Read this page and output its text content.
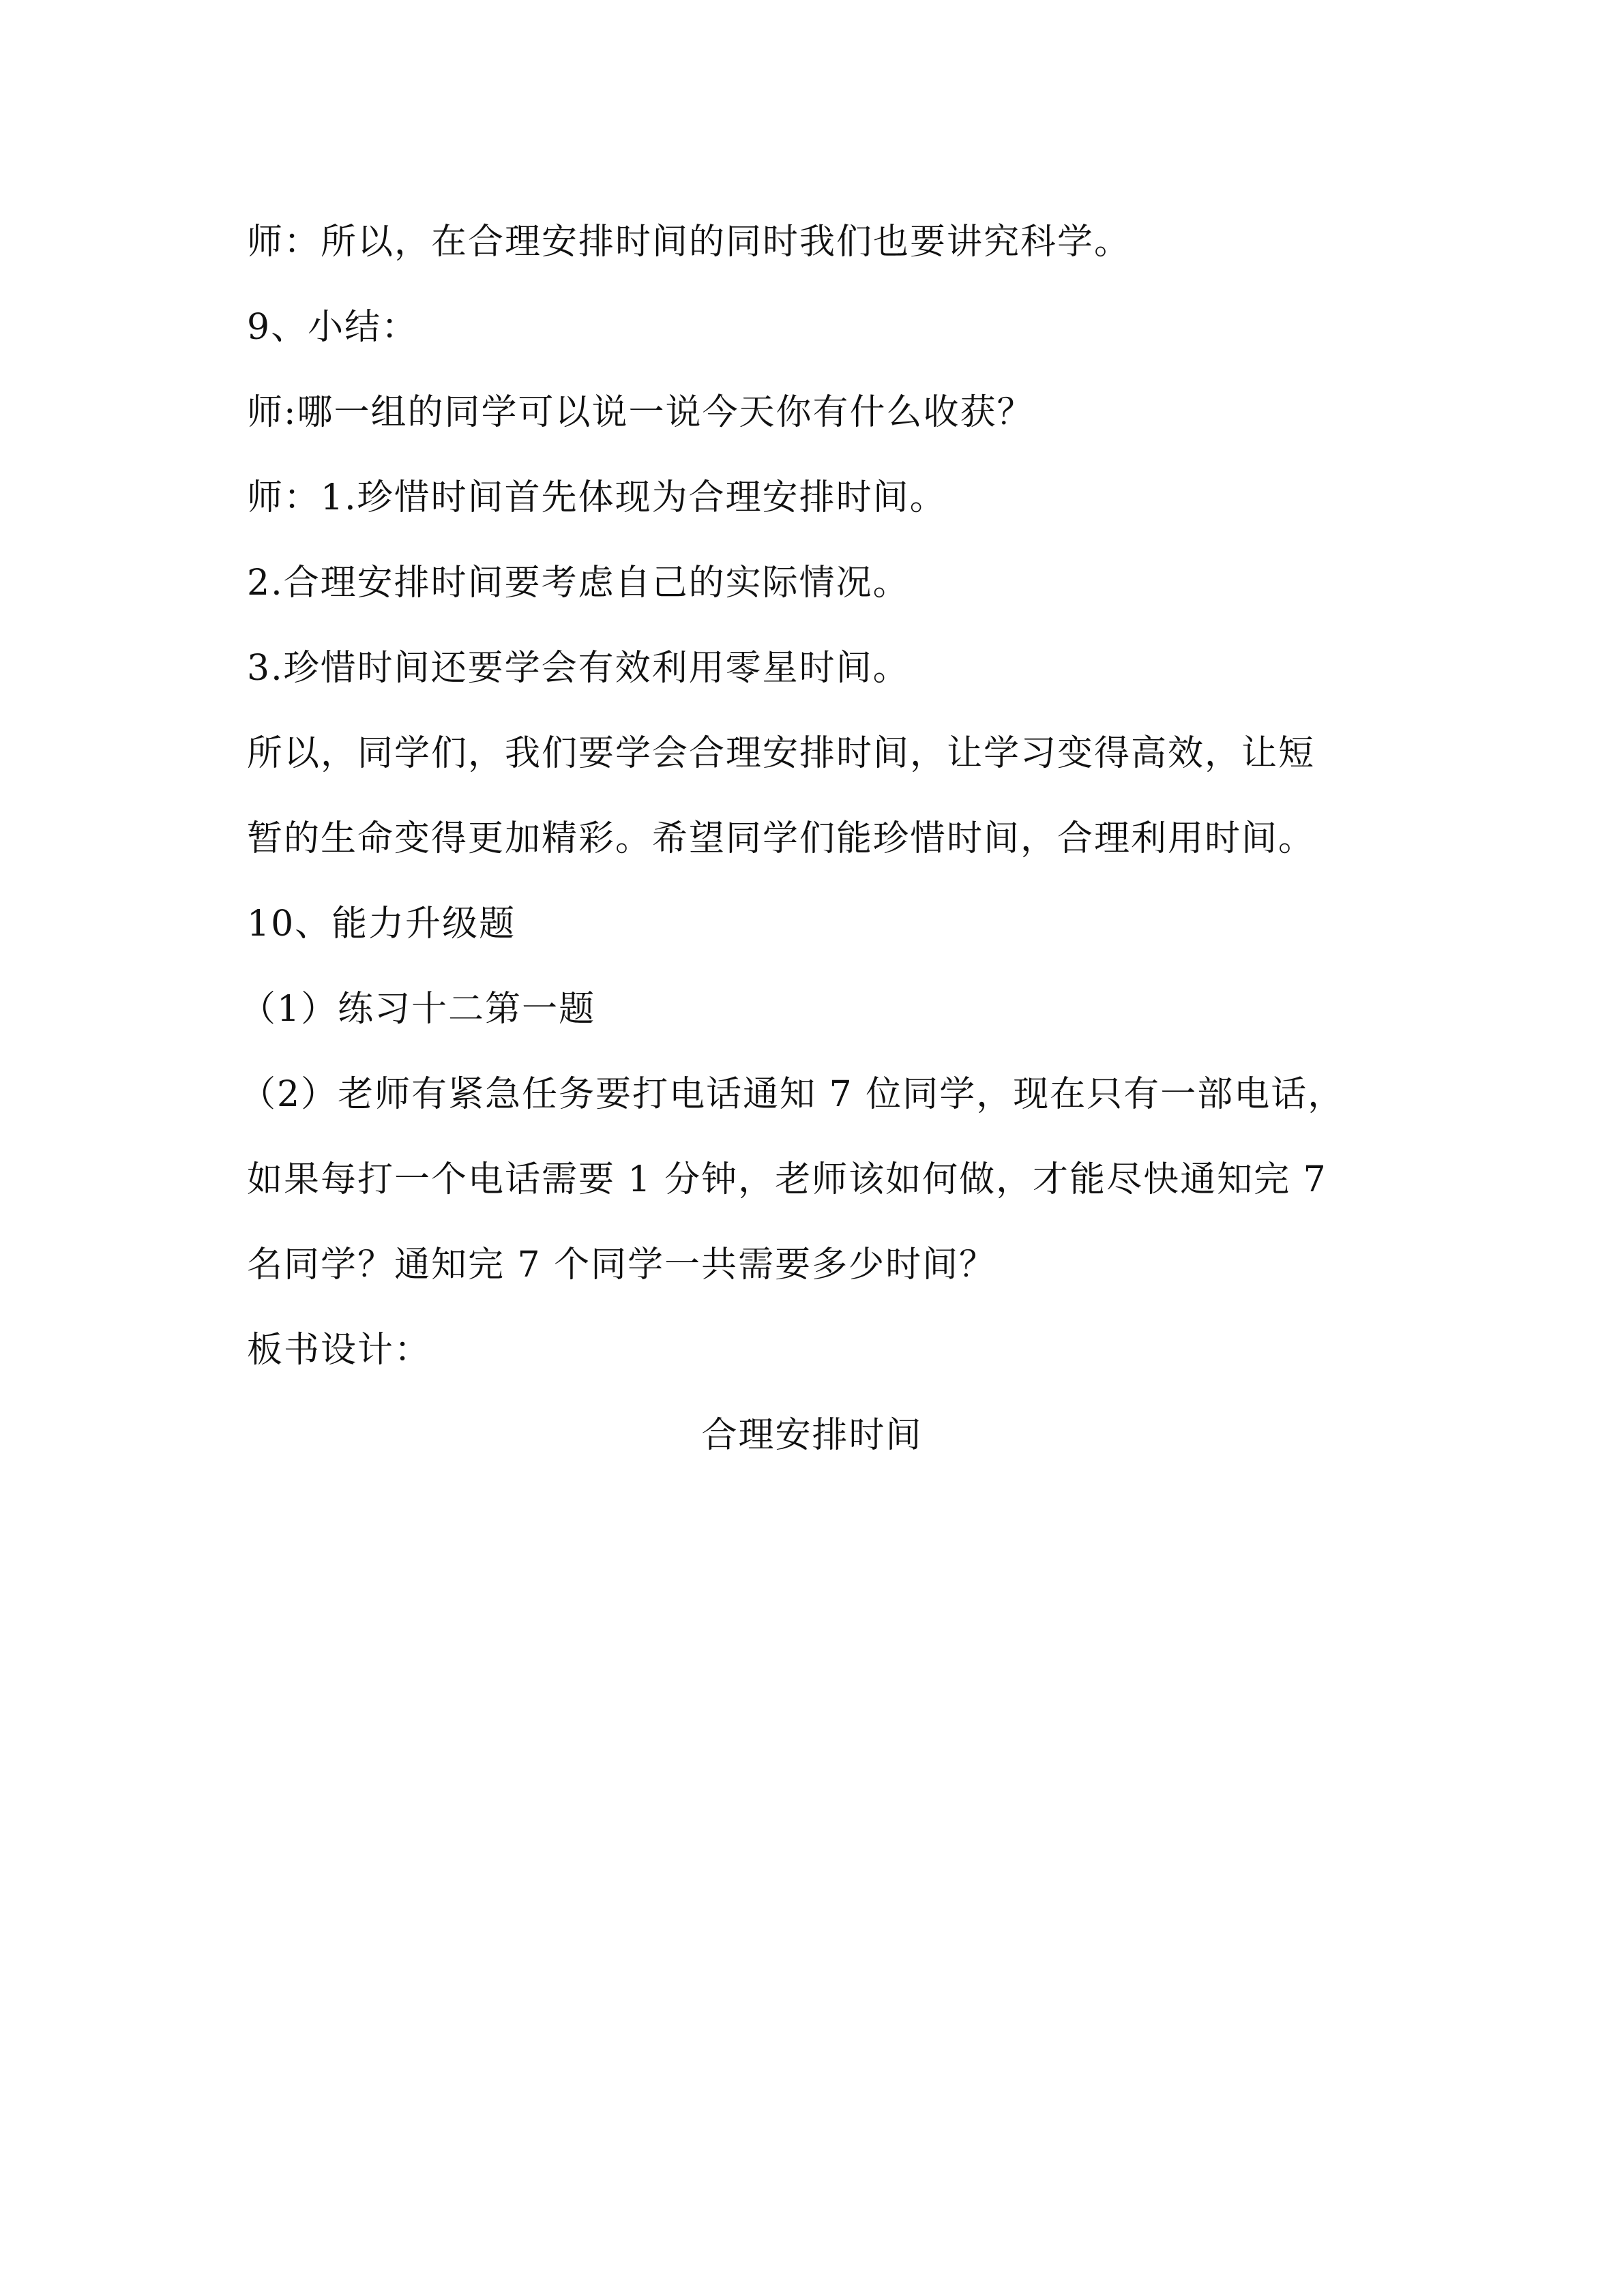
师：所以，在合理安排时间的同时我们也要讲究科学。
9、小结：
师:哪一组的同学可以说一说今天你有什么收获？
师：1.珍惜时间首先体现为合理安排时间。
2.合理安排时间要考虑自己的实际情况。
3.珍惜时间还要学会有效利用零星时间。
所以，同学们，我们要学会合理安排时间，让学习变得高效，让短
暂的生命变得更加精彩。希望同学们能珍惜时间，合理利用时间。
10、能力升级题
（1）练习十二第一题
（2）老师有紧急任务要打电话通知 7 位同学，现在只有一部电话，
如果每打一个电话需要 1 分钟，老师该如何做，才能尽快通知完 7
名同学？通知完 7 个同学一共需要多少时间？
板书设计：
合理安排时间
